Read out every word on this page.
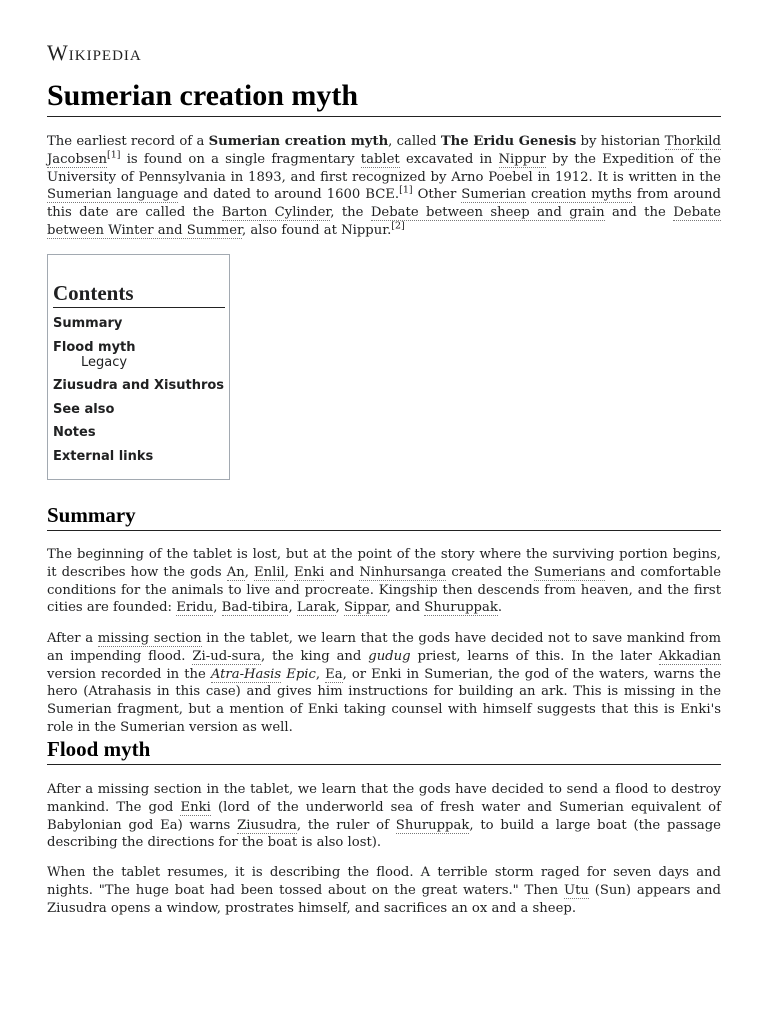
Wikipedia
Sumerian creation myth

The earliest record of a Sumerian creation myth, called The Eridu Genesis by historian Thorkild Jacobsen[1] is found on a single fragmentary tablet excavated in Nippur by the Expedition of the University of Pennsylvania in 1893, and first recognized by Arno Poebel in 1912. It is written in the Sumerian language and dated to around 1600 BCE.[1] Other Sumerian creation myths from around this date are called the Barton Cylinder, the Debate between sheep and grain and the Debate between Winter and Summer, also found at Nippur.[2]

Contents
Summary
Flood myth
Legacy
Ziusudra and Xisuthros
See also
Notes
External links
Summary

The beginning of the tablet is lost, but at the point of the story where the surviving portion begins, it describes how the gods An, Enlil, Enki and Ninhursanga created the Sumerians and comfortable conditions for the animals to live and procreate. Kingship then descends from heaven, and the first cities are founded: Eridu, Bad-tibira, Larak, Sippar, and Shuruppak.

After a missing section in the tablet, we learn that the gods have decided not to save mankind from an impending flood. Zi-ud-sura, the king and gudug priest, learns of this. In the later Akkadian version recorded in the Atra-Hasis Epic, Ea, or Enki in Sumerian, the god of the waters, warns the hero (Atrahasis in this case) and gives him instructions for building an ark. This is missing in the Sumerian fragment, but a mention of Enki taking counsel with himself suggests that this is Enki's role in the Sumerian version as well.

Flood myth

After a missing section in the tablet, we learn that the gods have decided to send a flood to destroy mankind. The god Enki (lord of the underworld sea of fresh water and Sumerian equivalent of Babylonian god Ea) warns Ziusudra, the ruler of Shuruppak, to build a large boat (the passage describing the directions for the boat is also lost).

When the tablet resumes, it is describing the flood. A terrible storm raged for seven days and nights. "The huge boat had been tossed about on the great waters." Then Utu (Sun) appears and Ziusudra opens a window, prostrates himself, and sacrifices an ox and a sheep.
